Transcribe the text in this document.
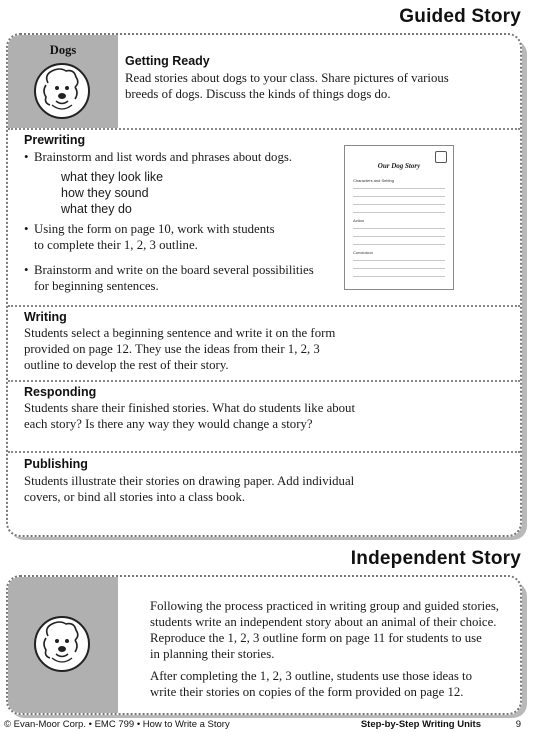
Guided Story
Dogs
Getting Ready
Read stories about dogs to your class. Share pictures of various
breeds of dogs. Discuss the kinds of things dogs do.
Prewriting
• Brainstorm and list words and phrases about dogs.
what they look like
how they sound
what they do
• Using the form on page 10, work with students
to complete their 1, 2, 3 outline.
• Brainstorm and write on the board several possibilities
for beginning sentences.
Our Dog Story
Characters and Setting
Action
Conclusion
Writing
Students select a beginning sentence and write it on the form
provided on page 12. They use the ideas from their 1, 2, 3
outline to develop the rest of their story.
Responding
Students share their finished stories. What do students like about
each story? Is there any way they would change a story?
Publishing
Students illustrate their stories on drawing paper. Add individual
covers, or bind all stories into a class book.
Independent Story
Following the process practiced in writing group and guided stories,
students write an independent story about an animal of their choice.
Reproduce the 1, 2, 3 outline form on page 11 for students to use
in planning their stories.
After completing the 1, 2, 3 outline, students use those ideas to
write their stories on copies of the form provided on page 12.
© Evan-Moor Corp. • EMC 799 • How to Write a Story	Step-by-Step Writing Units	9
